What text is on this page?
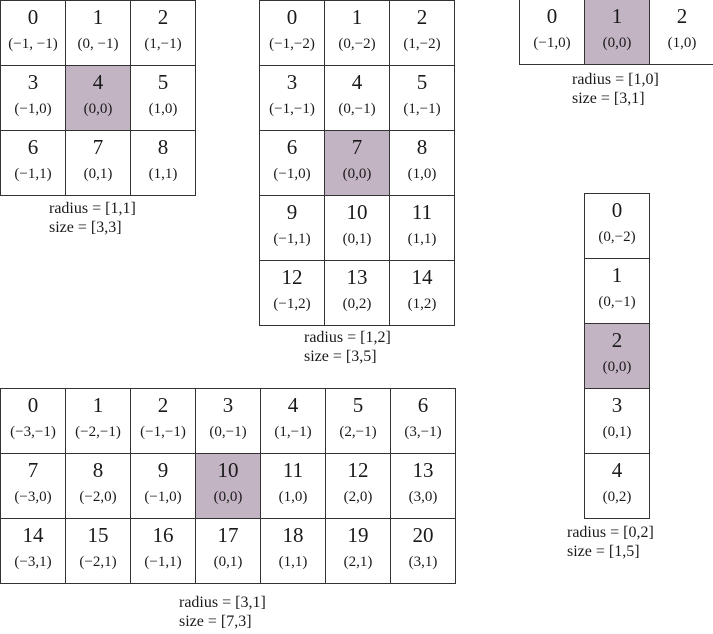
0
(−1, −1)
1
(0, −1)
2
(1,−1)
3
(−1,0)
4
(0,0)
5
(1,0)
6
(−1,1)
7
(0,1)
8
(1,1)
radius = [1,1]
size = [3,3]
0
(−1,−2)
1
(0,−2)
2
(1,−2)
3
(−1,−1)
4
(0,−1)
5
(1,−1)
6
(−1,0)
7
(0,0)
8
(1,0)
9
(−1,1)
10
(0,1)
11
(1,1)
12
(−1,2)
13
(0,2)
14
(1,2)
radius = [1,2]
size = [3,5]
0
(−1,0)
1
(0,0)
2
(1,0)
radius = [1,0]
size = [3,1]
0
(0,−2)
1
(0,−1)
2
(0,0)
3
(0,1)
4
(0,2)
radius = [0,2]
size = [1,5]
0
(−3,−1)
1
(−2,−1)
2
(−1,−1)
3
(0,−1)
4
(1,−1)
5
(2,−1)
6
(3,−1)
7
(−3,0)
8
(−2,0)
9
(−1,0)
10
(0,0)
11
(1,0)
12
(2,0)
13
(3,0)
14
(−3,1)
15
(−2,1)
16
(−1,1)
17
(0,1)
18
(1,1)
19
(2,1)
20
(3,1)
radius = [3,1]
size = [7,3]
